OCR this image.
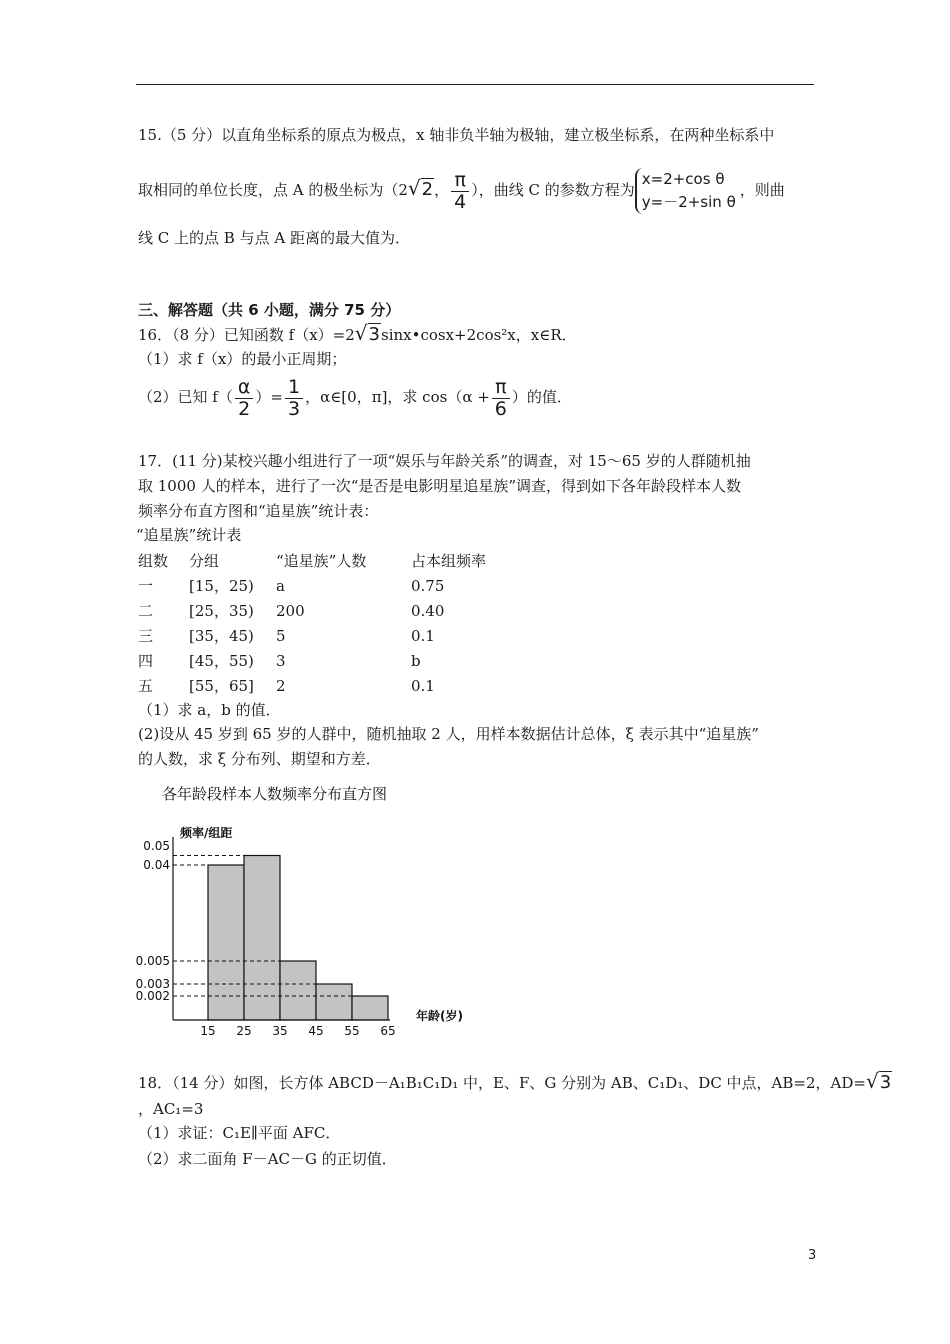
15.（5 分）以直角坐标系的原点为极点，x 轴非负半轴为极轴，建立极坐标系，在两种坐标系中
取相同的单位长度，点 A 的极坐标为（2√2， $\frac{\pi}{4}$ ），曲线 C 的参数方程为
x=2+cos θ
y=－2+sin θ
，则曲
线 C 上的点 B 与点 A 距离的最大值为．
三、解答题（共 6 小题，满分 75 分）
16．（8 分）已知函数 f（x）=2√3sinx•cosx+2cos²x，x∈R．
（1）求 f（x）的最小正周期；
（2）已知 $f( \frac{\alpha}{2}$ ）= $\frac{1}{3}$ ，α∈[0，π]，求 $\cos(\alpha + \frac{\pi}{6}$ ）的值．
17．(11 分)某校兴趣小组进行了一项“娱乐与年龄关系”的调查，对 15～65 岁的人群随机抽
取 1000 人的样本，进行了一次“是否是电影明星追星族”调查，得到如下各年龄段样本人数
频率分布直方图和“追星族”统计表：
“追星族”统计表
组数	分组	“追星族”人数	占本组频率
一	[15，25)	a	0.75
二	[25，35)	200	0.40
三	[35，45)	5	0.1
四	[45，55)	3	b
五	[55，65]	2	0.1
（1）求 a，b 的值．
(2)设从 45 岁到 65 岁的人群中，随机抽取 2 人，用样本数据估计总体，ξ 表示其中“追星族”
的人数，求 ξ 分布列、期望和方差．
各年龄段样本人数频率分布直方图
频率/组距
年龄(岁)
0.05
0.04
0.005
0.003
0.002
15 25 35 45 55 65
18．（14 分）如图，长方体 ABCD－A₁B₁C₁D₁ 中，E、F、G 分别为 AB、C₁D₁、DC 中点，AB=2，AD=√3
，AC₁=3
（1）求证：C₁E∥平面 AFC．
（2）求二面角 F－AC－G 的正切值．
3
